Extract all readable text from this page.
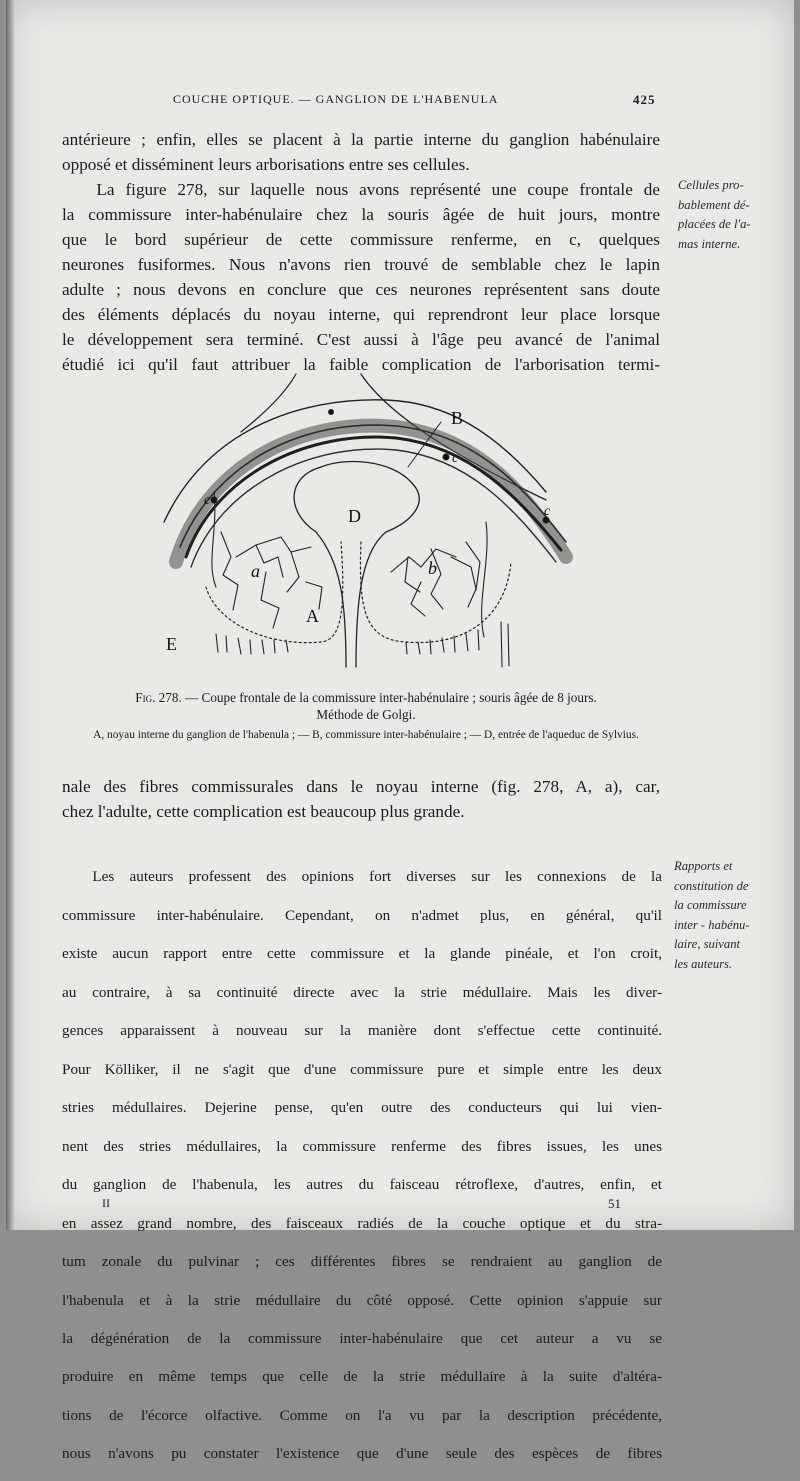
COUCHE OPTIQUE. — GANGLION DE L'HABENULA	425

antérieure ; enfin, elles se placent à la partie interne du ganglion habénulaire

opposé et disséminent leurs arborisations entre ses cellules.

La figure 278, sur laquelle nous avons représenté une coupe frontale de

la commissure inter-habénulaire chez la souris âgée de huit jours, montre

que le bord supérieur de cette commissure renferme, en c, quelques

neurones fusiformes. Nous n'avons rien trouvé de semblable chez le lapin

adulte ; nous devons en conclure que ces neurones représentent sans doute

des éléments déplacés du noyau interne, qui reprendront leur place lorsque

le développement sera terminé. C'est aussi à l'âge peu avancé de l'animal

étudié ici qu'il faut attribuer la faible complication de l'arborisation termi-

Cellules pro-
bablement dé-
placées de l'a-
mas interne.
B
D
A
a	b
E
c
c
c
Fig. 278. — Coupe frontale de la commissure inter-habénulaire ; souris âgée de 8 jours.
Méthode de Golgi.
A, noyau interne du ganglion de l'habenula ; — B, commissure inter-habénulaire ; — D, entrée de l'aqueduc de Sylvius.

nale des fibres commissurales dans le noyau interne (fig. 278, A, a), car,

chez l'adulte, cette complication est beaucoup plus grande.

Les auteurs professent des opinions fort diverses sur les connexions de la

commissure inter-habénulaire. Cependant, on n'admet plus, en général, qu'il

existe aucun rapport entre cette commissure et la glande pinéale, et l'on croit,

au contraire, à sa continuité directe avec la strie médullaire. Mais les diver-

gences apparaissent à nouveau sur la manière dont s'effectue cette continuité.

Pour Kölliker, il ne s'agit que d'une commissure pure et simple entre les deux

stries médullaires. Dejerine pense, qu'en outre des conducteurs qui lui vien-

nent des stries médullaires, la commissure renferme des fibres issues, les unes

du ganglion de l'habenula, les autres du faisceau rétroflexe, d'autres, enfin, et

en assez grand nombre, des faisceaux radiés de la couche optique et du stra-

tum zonale du pulvinar ; ces différentes fibres se rendraient au ganglion de

l'habenula et à la strie médullaire du côté opposé. Cette opinion s'appuie sur

la dégénération de la commissure inter-habénulaire que cet auteur a vu se

produire en même temps que celle de la strie médullaire à la suite d'altéra-

tions de l'écorce olfactive. Comme on l'a vu par la description précédente,

nous n'avons pu constater l'existence que d'une seule des espèces de fibres

Rapports et
constitution de
la commissure
inter - habénu-
laire, suivant
les auteurs.
II	51
